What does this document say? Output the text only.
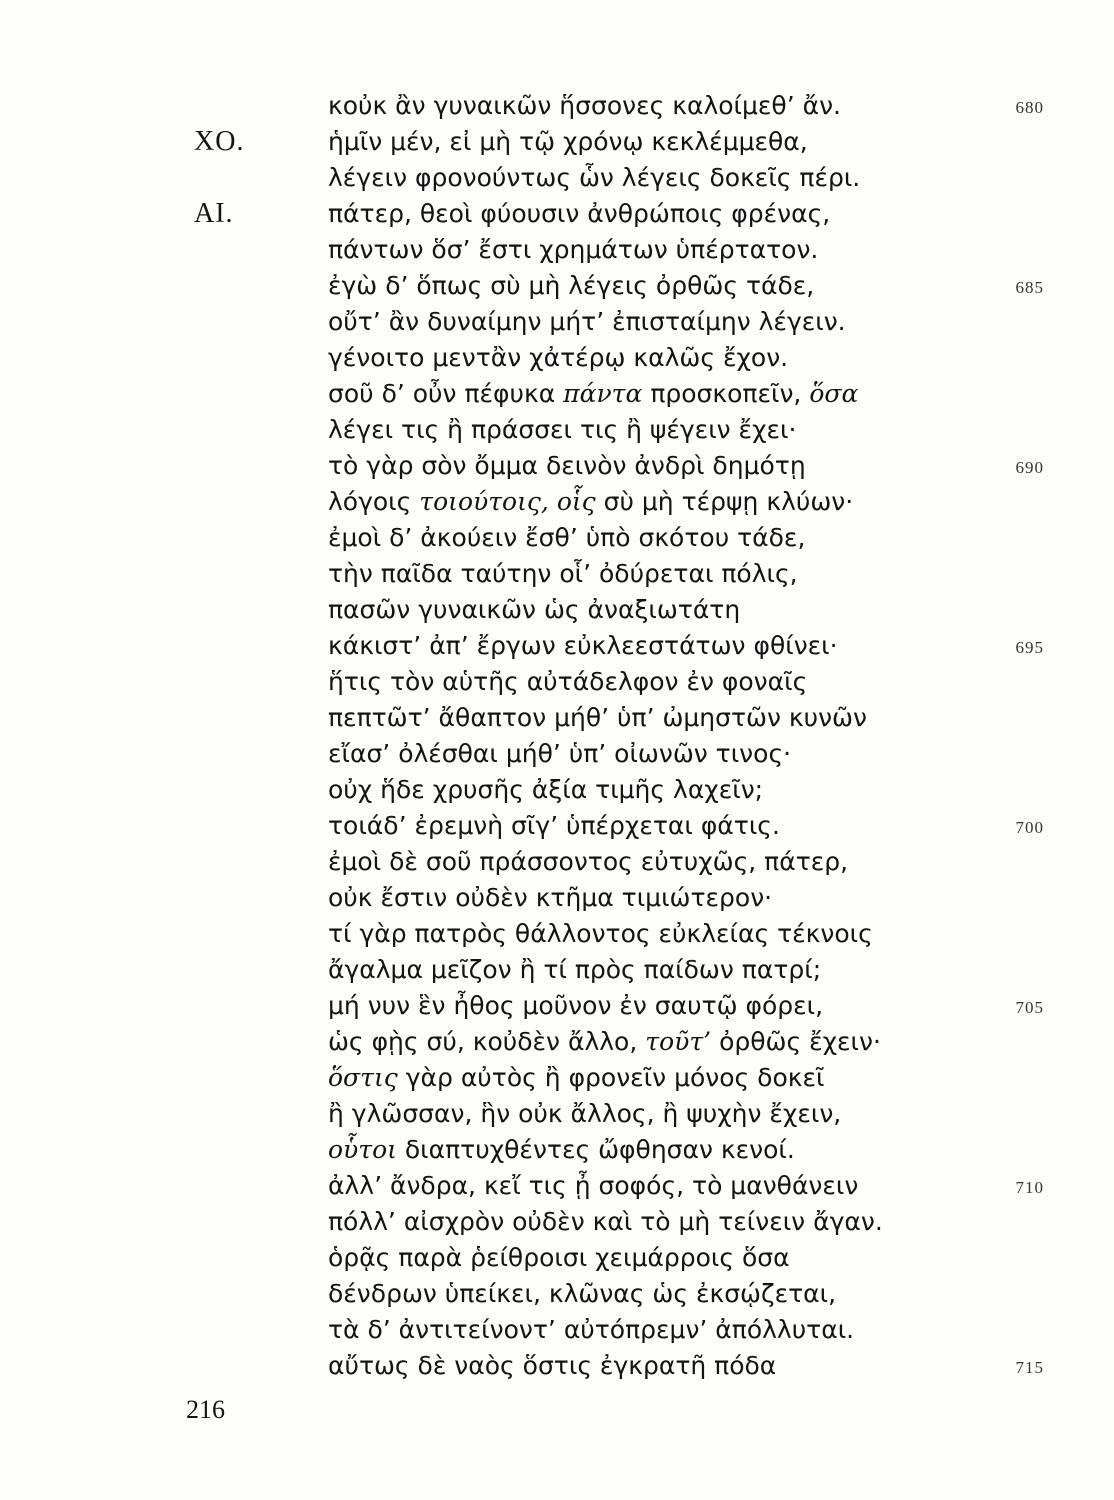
κοὐκ ἂν γυναικῶν ἥσσονες καλοίμεθ’ ἄν.	680
ΧΟ.	ἡμῖν μέν, εἰ μὴ τῷ χρόνῳ κεκλέμμεθα,
λέγειν φρονούντως ὧν λέγεις δοκεῖς πέρι.
ΑΙ.	πάτερ, θεοὶ φύουσιν ἀνθρώποις φρένας,
πάντων ὅσ’ ἔστι χρημάτων ὑπέρτατον.
ἐγὼ δ’ ὅπως σὺ μὴ λέγεις ὀρθῶς τάδε,	685
οὔτ’ ἂν δυναίμην μήτ’ ἐπισταίμην λέγειν.
γένοιτο μεντἂν χἀτέρῳ καλῶς ἔχον.
σοῦ δ’ οὖν πέφυκα πάντα προσκοπεῖν, ὅσα
λέγει τις ἢ πράσσει τις ἢ ψέγειν ἔχει·
τὸ γὰρ σὸν ὄμμα δεινὸν ἀνδρὶ δημότῃ	690
λόγοις τοιούτοις, οἷς σὺ μὴ τέρψῃ κλύων·
ἐμοὶ δ’ ἀκούειν ἔσθ’ ὑπὸ σκότου τάδε,
τὴν παῖδα ταύτην οἷ’ ὀδύρεται πόλις,
πασῶν γυναικῶν ὡς ἀναξιωτάτη
κάκιστ’ ἀπ’ ἔργων εὐκλεεστάτων φθίνει·	695
ἥτις τὸν αὑτῆς αὐτάδελφον ἐν φοναῖς
πεπτῶτ’ ἄθαπτον μήθ’ ὑπ’ ὠμηστῶν κυνῶν
εἴασ’ ὀλέσθαι μήθ’ ὑπ’ οἰωνῶν τινος·
οὐχ ἥδε χρυσῆς ἀξία τιμῆς λαχεῖν;
τοιάδ’ ἐρεμνὴ σῖγ’ ὑπέρχεται φάτις.	700
ἐμοὶ δὲ σοῦ πράσσοντος εὐτυχῶς, πάτερ,
οὐκ ἔστιν οὐδὲν κτῆμα τιμιώτερον·
τί γὰρ πατρὸς θάλλοντος εὐκλείας τέκνοις
ἄγαλμα μεῖζον ἢ τί πρὸς παίδων πατρί;
μή νυν ἓν ἦθος μοῦνον ἐν σαυτῷ φόρει,	705
ὡς φῂς σύ, κοὐδὲν ἄλλο, τοῦτ’ ὀρθῶς ἔχειν·
ὅστις γὰρ αὐτὸς ἢ φρονεῖν μόνος δοκεῖ
ἢ γλῶσσαν, ἣν οὐκ ἄλλος, ἢ ψυχὴν ἔχειν,
οὗτοι διαπτυχθέντες ὤφθησαν κενοί.
ἀλλ’ ἄνδρα, κεἴ τις ᾖ σοφός, τὸ μανθάνειν	710
πόλλ’ αἰσχρὸν οὐδὲν καὶ τὸ μὴ τείνειν ἄγαν.
ὁρᾷς παρὰ ῥείθροισι χειμάρροις ὅσα
δένδρων ὑπείκει, κλῶνας ὡς ἐκσῴζεται,
τὰ δ’ ἀντιτείνοντ’ αὐτόπρεμν’ ἀπόλλυται.
αὔτως δὲ ναὸς ὅστις ἐγκρατῆ πόδα	715
216
